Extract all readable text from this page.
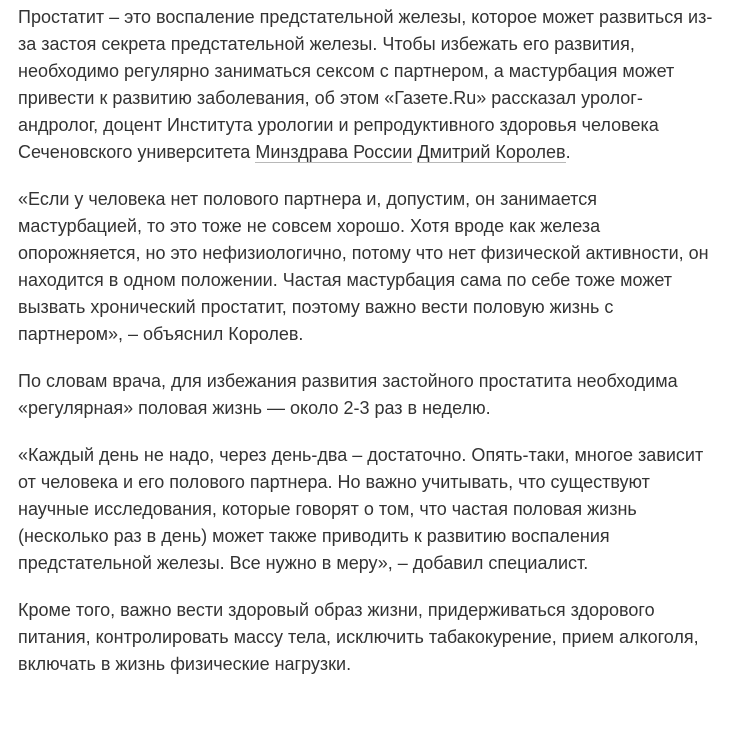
Простатит – это воспаление предстательной железы, которое может развиться из-за застоя секрета предстательной железы. Чтобы избежать его развития, необходимо регулярно заниматься сексом с партнером, а мастурбация может привести к развитию заболевания, об этом «Газете.Ru» рассказал уролог-андролог, доцент Института урологии и репродуктивного здоровья человека Сеченовского университета Минздрава России Дмитрий Королев.

«Если у человека нет полового партнера и, допустим, он занимается мастурбацией, то это тоже не совсем хорошо. Хотя вроде как железа опорожняется, но это нефизиологично, потому что нет физической активности, он находится в одном положении. Частая мастурбация сама по себе тоже может вызвать хронический простатит, поэтому важно вести половую жизнь с партнером», – объяснил Королев.

По словам врача, для избежания развития застойного простатита необходима «регулярная» половая жизнь — около 2-3 раз в неделю.

«Каждый день не надо, через день-два – достаточно. Опять-таки, многое зависит от человека и его полового партнера. Но важно учитывать, что существуют научные исследования, которые говорят о том, что частая половая жизнь (несколько раз в день) может также приводить к развитию воспаления предстательной железы. Все нужно в меру», – добавил специалист.

Кроме того, важно вести здоровый образ жизни, придерживаться здорового питания, контролировать массу тела, исключить табакокурение, прием алкоголя, включать в жизнь физические нагрузки.
